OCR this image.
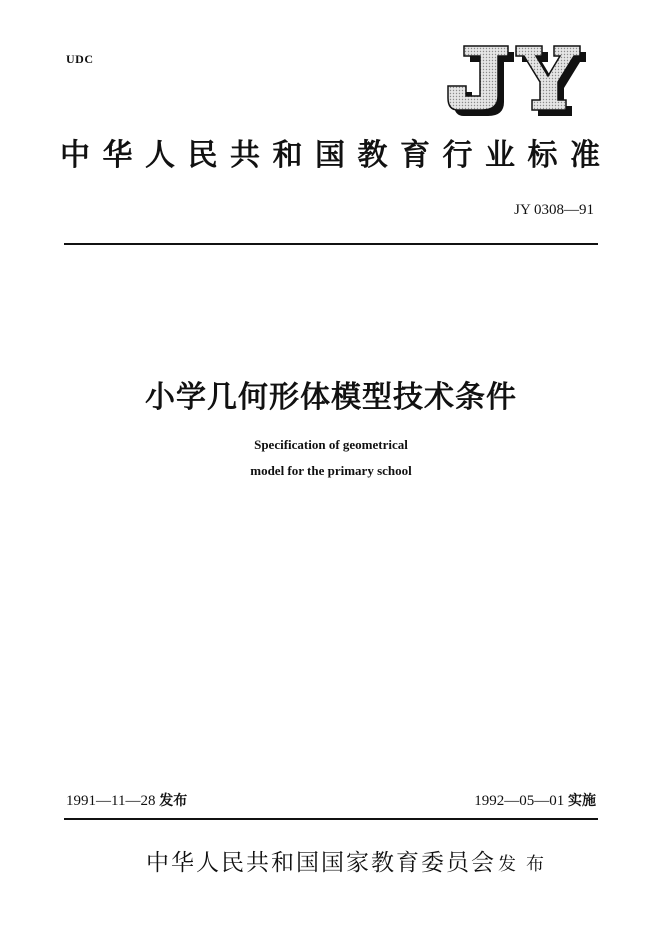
UDC
中 华 人 民 共 和 国 教 育 行 业 标 准
JY 0308—91
小学几何形体模型技术条件
Specification of geometrical
model for the primary school
1991—11—28 发布	1992—05—01 实施
中华人民共和国国家教育委员会 发布
